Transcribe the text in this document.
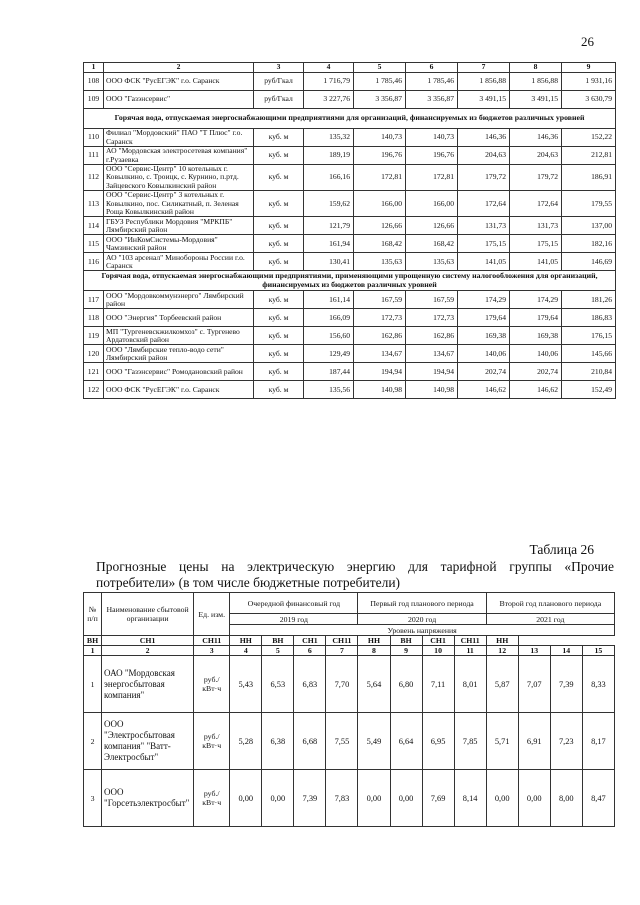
26
1	2	3	4	5	6	7	8	9
108	ООО ФСК "РусЕГЭК" г.о. Саранск	руб/Гкал	1 716,79	1 785,46	1 785,46	1 856,88	1 856,88	1 931,16
109	ООО "Газэнсервис"	руб/Гкал	3 227,76	3 356,87	3 356,87	3 491,15	3 491,15	3 630,79
Горячая вода, отпускаемая энергоснабжающими предприятиями для организаций, финансируемых из бюджетов различных уровней								
110	Филиал "Мордовский" ПАО "Т Плюс" г.о. Саранск	куб. м	135,32	140,73	140,73	146,36	146,36	152,22
111	АО "Мордовская электросетевая компания" г.Рузаевка	куб. м	189,19	196,76	196,76	204,63	204,63	212,81
112	ООО "Сервис-Центр" 10 котельных г. Ковылкино, с. Троицк, с. Курнино, п.ртд. Зайцевского Ковылкинский район	куб. м	166,16	172,81	172,81	179,72	179,72	186,91
113	ООО "Сервис-Центр" 3 котельных г. Ковылкино, пос. Силикатный, п. Зеленая Роща Ковылкинский район	куб. м	159,62	166,00	166,00	172,64	172,64	179,55
114	ГБУЗ Республики Мордовия "МРКПБ" Лямбирский район	куб. м	121,79	126,66	126,66	131,73	131,73	137,00
115	ООО "ИнКомСистемы-Мордовия" Чамзинский район	куб. м	161,94	168,42	168,42	175,15	175,15	182,16
116	АО "103 арсенал" Минобороны России г.о. Саранск	куб. м	130,41	135,63	135,63	141,05	141,05	146,69
Горячая вода, отпускаемая энергоснабжающими предприятиями, применяющими упрощенную систему налогообложения для организаций, финансируемых из бюджетов различных уровней								
117	ООО "Мордовкоммунэнерго" Лямбирский район	куб. м	161,14	167,59	167,59	174,29	174,29	181,26
118	ООО "Энергия" Торбеевский район	куб. м	166,09	172,73	172,73	179,64	179,64	186,83
119	МП "Тургеневскжилкомхоз" с. Тургенево Ардатовский район	куб. м	156,60	162,86	162,86	169,38	169,38	176,15
120	ООО "Лямбирские тепло-водо сети" Лямбирский район	куб. м	129,49	134,67	134,67	140,06	140,06	145,66
121	ООО "Газэнсервис" Ромодановский район	куб. м	187,44	194,94	194,94	202,74	202,74	210,84
122	ООО ФСК "РусЕГЭК" г.о. Саранск	куб. м	135,56	140,98	140,98	146,62	146,62	152,49
Таблица 26
Прогнозные цены на электрическую энергию для тарифной группы «Прочие потребители» (в том числе бюджетные потребители)
№ п/п	Наименование сбытовой организации	Ед. изм.	Очередной финансовый год				Первый год планового периода				Второй год планового периода			
			2019 год				2020 год				2021 год			
			Уровень напряжения											
ВН	СН1	СН11	НН	ВН	СН1	СН11	НН	ВН	СН1	СН11	НН			
1	2	3	4	5	6	7	8	9	10	11	12	13	14	15
1	ОАО "Мордовская энергосбытовая компания"	руб./ кВт·ч	5,43	6,53	6,83	7,70	5,64	6,80	7,11	8,01	5,87	7,07	7,39	8,33
2	ООО "Электросбытовая компания" "Ватт-Электросбыт"	руб./ кВт·ч	5,28	6,38	6,68	7,55	5,49	6,64	6,95	7,85	5,71	6,91	7,23	8,17
3	ООО "Горсетьэлектросбыт"	руб./ кВт·ч	0,00	0,00	7,39	7,83	0,00	0,00	7,69	8,14	0,00	0,00	8,00	8,47
